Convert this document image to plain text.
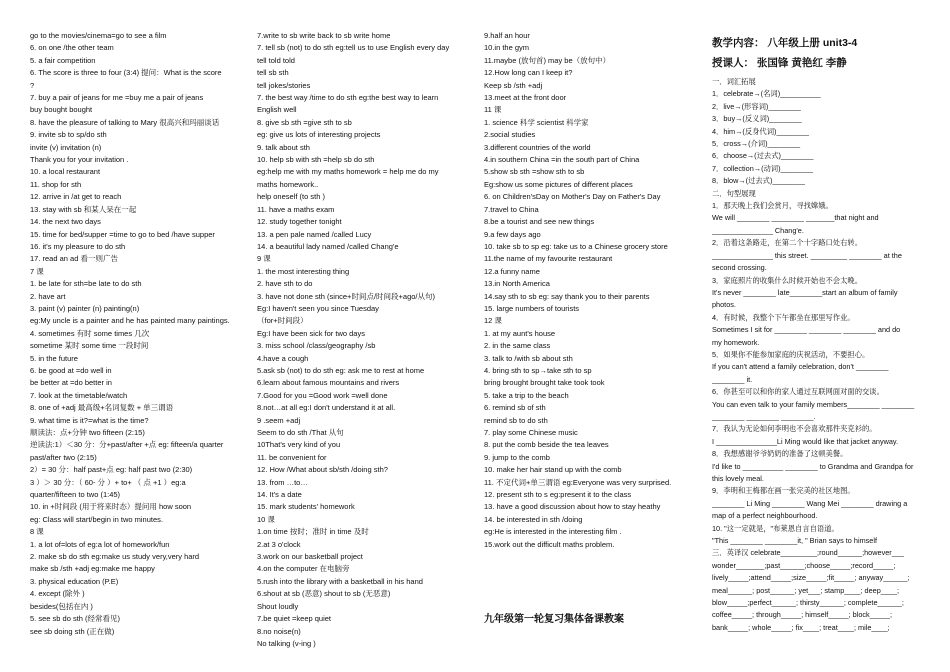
go to the movies/cinema=go to see a film
6. on one /the other team
5. a fair competition
6. The score is three to four (3:4) 提问：What is the score
?
7. buy a pair of jeans for me =buy me a pair of jeans
buy bought bought
8. have the pleasure of talking to Mary 很高兴和玛丽谈话
9. invite sb to sp/do sth
invite (v) invitation (n)
Thank you for your invitation .
10. a local restaurant
11. shop for sth
12. arrive in /at get to reach
13. stay with sb 和某人呆在一起
14. the next two days
15. time for bed/supper =time to go to bed /have supper
16. it's my pleasure to do sth
17. read an ad 看一则广告
7 课
1. be late for sth=be late to do sth
2. have art
3. paint (v) painter (n) painting(n)
eg:My uncle is a painter and he has painted many paintings.
4. sometimes 有时 some times 几次
sometime 某时 some time 一段时间
5. in the future
6. be good at =do well in
be better at =do better in
7. look at the timetable/watch
8. one of +adj 最高级+名词复数 + 单三谓语
9. what time is it?=what is the time?
顺读法：点+分钟 two fifteen (2:15)
逆读法:1）＜30 分：分+past/after +点 eg: fifteen/a quarter
past/after two (2:15)
2）= 30 分：half past+点 eg: half past two (2:30)
3 ）＞ 30 分：（ 60- 分 ）+ to+ （ 点 +1 ）eg:a
quarter/fifteen to two (1:45)
10. in +时间段 (用于将来时态）提问用 how soon
eg: Class will start/begin in two minutes.
8 课
1. a lot of=lots of eg:a lot of homework/fun
2. make sb do sth eg:make us study very,very hard
make sb /sth +adj eg:make me happy
3. physical education (P.E)
4. except (除外 )
besides(包括在内 )
5. see sb do sth (经常看见)
see sb doing sth (正在做)
7.write to sb write back to sb write home
7. tell sb (not) to do sth eg:tell us to use English every day
tell told told
tell sb sth
tell jokes/stories
7. the best way /time to do sth eg:the best way to learn
English well
8. give sb sth =give sth to sb
eg: give us lots of interesting projects
9. talk about sth
10. help sb with sth =help sb do sth
eg:help me with my maths homework = help me do my
maths homework..
help oneself (to sth )
11. have a maths exam
12. study together tonight
13. a pen pale named /called Lucy
14. a beautiful lady named /called Chang'e
9 课
1. the most interesting thing
2. have sth to do
3. have not done sth (since+时间点/时间段+ago/从句)
Eg:I haven't seen you since Tuesday
（for+时间段）
Eg:I have been sick for two days
3. miss school /class/geography /sb
4.have a cough
5.ask sb (not) to do sth eg: ask me to rest at home
6.learn about famous mountains and rivers
7.Good for you =Good work =well done
8.not…at all eg:I don't understand it at all.
9 .seem +adj
Seem to do sth /That 从句
10That's very kind of you
11. be convenient for
12. How /What about sb/sth /doing sth?
13. from …to…
14. It's a date
15. mark students' homework
10 课
1.on time 按时；准时 in time 及时
2.at 3 o'clock
3.work on our basketball project
4.on the computer 在电脑旁
5.rush into the library with a basketball in his hand
6.shout at sb (恶意) shout to sb (无恶意)
Shout loudly
7.be quiet =keep quiet
8.no noise(n)
No talking (v-ing )
9.half an hour
10.in the gym
11.maybe (放句首) may be（放句中）
12.How long can I keep it?
Keep sb /sth +adj
13.meet at the front door
11 课
1. science 科学 scientist 科学家
2.social studies
3.different countries of the world
4.in southern China =in the south part of China
5.show sb sth =show sth to sb
Eg:show us some pictures of different places
6. on Children'sDay on Mother's Day on Father's Day
7.travel to China
8.be a tourist and see new things
9.a few days ago
10. take sb to sp eg: take us to a Chinese grocery store
11.the name of my favourite restaurant
12.a funny name
13.in North America
14.say sth to sb eg: say thank you to their parents
15. large numbers of tourists
12 课
1. at my aunt's house
2. in the same class
3. talk to /with sb about sth
4. bring sth to sp→take sth to sp
bring brought brought take took took
5. take a trip to the beach
6. remind sb of sth
remind sb to do sth
7. play some Chinese music
8. put the comb beside the tea leaves
9. jump to the comb
10. make her hair stand up with the comb
11. 不定代词+单三谓语 eg:Everyone was very surprised.
12. present sth to s eg:present it to the class
13. have a good discussion about how to stay heathy
14. be interested in sth /doing
eg:He is interested in the interesting film .
15.work out the difficult maths problem.
九年级第一轮复习集体备课教案
教学内容： 八年级上册 unit3-4
授课人： 张国锋 黄艳红 李静
一．词汇拓展
1．celebrate→(名词)__________
2．live→(形容词)________
3．buy→(反义词)________
4．him→(反身代词)________
5．cross→(介词)________
6．choose→(过去式)________
7．collection→(动词)________
8．blow→(过去式)________
二．句型展现
1．那天晚上我们会赏月，寻找嫦娥。
We will ________ ________ _______that night and
_______________ Chang'e.
2．沿着这条路走，在第二个十字路口处右转。
_______________ this street. _________ ________ at the
second crossing.
3．家庭照片的收集什么时候开始也不会太晚。
It's never ________ late________start an album of family
photos.
4．有时候，我整个下午都坐在那里写作业。
Sometimes I sit for ________ ________ ________ and do
my homework.
5．如果你不能参加家庭的庆祝活动，不要担心。
If you can't attend a family celebration, don't ________
________ it.
6．你甚至可以和你的家人通过互联网面对面的交谈。
You can even talk to your family members________ ________
________ ________ ________.
7．我认为无论如何李明也不会喜欢那件夹克衫的。
I _______________Li Ming would like that jacket anyway.
8．我想感谢爷爷奶奶的准备了这顿美餐。
I'd like to __________ ________ to Grandma and Grandpa for
this lovely meal.
9．李明和王梅都在画一张完美的社区地图。
________ Li Ming ________ Wang Mei ________ drawing a
map of a perfect neighbourhood.
10. "这一定就是，"布莱恩自言自语道。
"This ________ ________it, " Brian says to himself
三．英译汉 celebrate_________;round______;however___
wonder_______;past______;choose_____;record_____;
lively_____;attend_____;size_____;fit_____; anyway______;
meal______; post______; yet___; stamp____; deep____;
blow_____;perfect______; thirsty______; complete______;
coffee_____; through_____; himself_____; block_____;
bank_____; whole_____; fix____; treat____; mile____;
